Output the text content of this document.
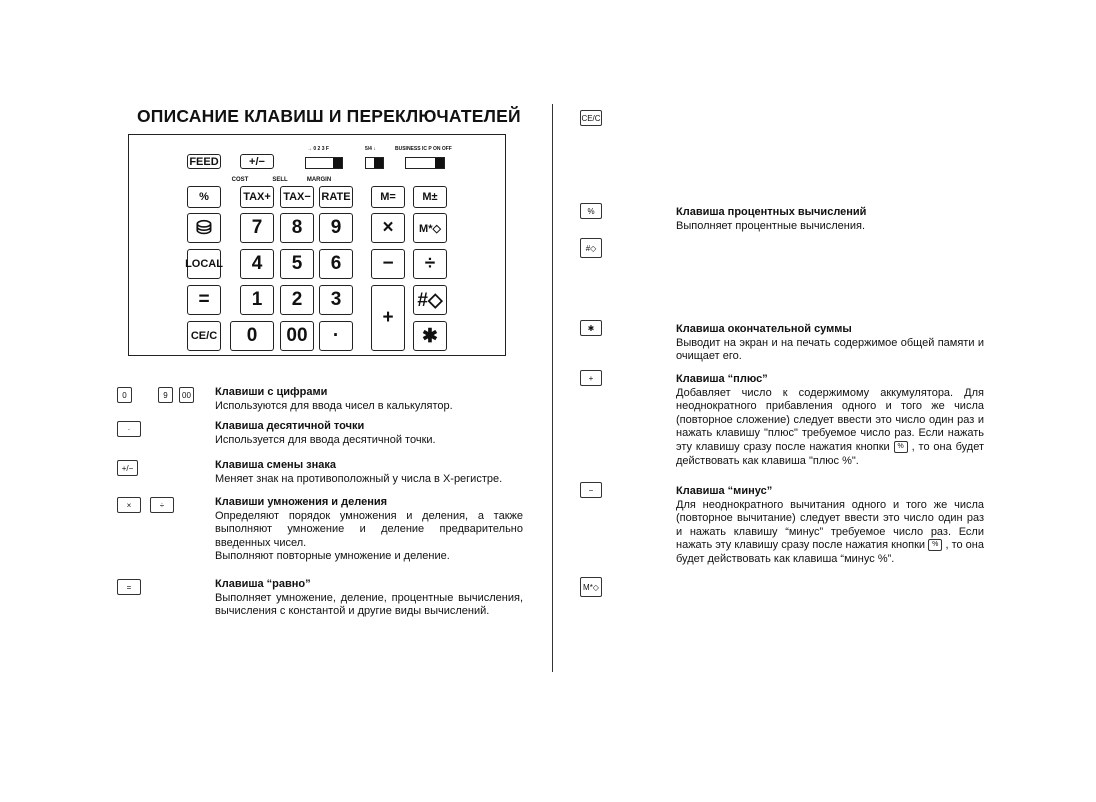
ОПИСАНИЕ КЛАВИШ И ПЕРЕКЛЮЧАТЕЛЕЙ
→ 0 2 3 F	5/4 ↓	BUSINESS IC P ON OFF
COST	SELL	MARGIN
FEED	+/−
%	TAX+ TAX− RATE	M=	M±
⛁	7	8	9	×	M*◇
LOCAL	4	5	6	−	÷
=	1	2	3
+
#◇
CE/C	0	00	·	✱
0	9	00 Клавиши с цифрами

Используются для ввода чисел в калькулятор.

·	Клавиша десятичной точки

Используется для ввода десятичной точки.

+/−	Клавиша смены знака

Меняет знак на противоположный у числа в X-регистре.

×	÷	Клавиши умножения и деления

Определяют порядок умножения и деления, а также выполняют умножение и деление предварительно введенных чисел.

Выполняют повторные умножение и деление.

=	Клавиша “равно”

Выполняет умножение, деление, процентные вычисления, вычисления с константой и другие виды вычислений.

CE/C
%	Клавиша процентных вычислений

Выполняет процентные вычисления.

#◇
✱	Клавиша окончательной суммы

Выводит на экран и на печать содержимое общей памяти и очищает его.

+	Клавиша “плюс”

Добавляет число к содержимому аккумулятора. Для неоднократного прибавления одного и того же числа (повторное сложение) следует ввести это число один раз и нажать клавишу "плюс" требуемое число раз. Если нажать эту клавишу сразу после нажатия кнопки % , то она будет действовать как клавиша "плюс %".

−	Клавиша “минус”

Для неоднократного вычитания одного и того же числа (повторное вычитание) следует ввести это число один раз и нажать клавишу “минус” требуемое число раз. Если нажать эту клавишу сразу после нажатия кнопки % , то она будет действовать как клавиша “минус %”.

M*◇
